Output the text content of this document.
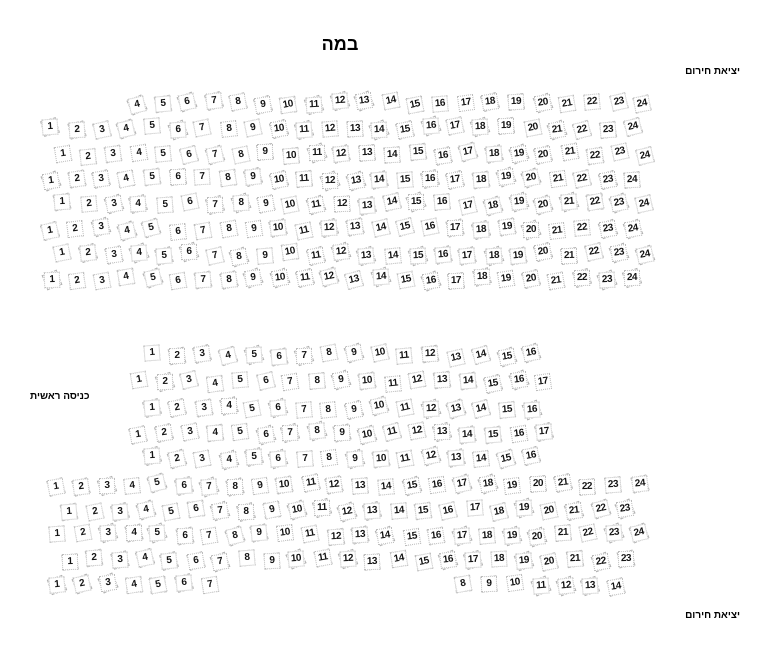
במה
יציאת חירום
כניסה ראשית
יציאת חירום
4 5 6 7 8 9 10 11 12 13 14 15 16 17 18 19 20 21 22 23 24
1 2 3 4 5 6 7 8 9 10 11 12 13 14 15 16 17 18 19 20 21 22 23 24
1 2 3 4 5 6 7 8 9 10 11 12 13 14 15 16 17 18 19 20 21 22 23 24
1 2 3 4 5 6 7 8 9 10 11 12 13 14 15 16 17 18 19 20 21 22 23 24
1 2 3 4 5 6 7 8 9 10 11 12 13 14 15 16 17 18 19 20 21 22 23 24
1 2 3 4 5 6 7 8 9 10 11 12 13 14 15 16 17 18 19 20 21 22 23 24
1 2 3 4 5 6 7 8 9 10 11 12 13 14 15 16 17 18 19 20 21 22 23 24
1 2 3 4 5 6 7 8 9 10 11 12 13 14 15 16 17 18 19 20 21 22 23 24
1 2 3 4 5 6 7 8 9 10 11 12 13 14 15 16
1 2 3 4 5 6 7 8 9 10 11 12 13 14 15 16 17
1 2 3 4 5 6 7 8 9 10 11 12 13 14 15 16
1 2 3 4 5 6 7 8 9 10 11 12 13 14 15 16 17
1 2 3 4 5 6 7 8 9 10 11 12 13 14 15 16
1 2 3 4 5 6 7 8 9 10 11 12 13 14 15 16 17 18 19 20 21 22 23 24
1 2 3 4 5 6 7 8 9 10 11 12 13 14 15 16 17 18 19 20 21 22 23
1 2 3 4 5 6 7 8 9 10 11 12 13 14 15 16 17 18 19 20 21 22 23 24
1 2 3 4 5 6 7 8 9 10 11 12 13 14 15 16 17 18 19 20 21 22 23
1 2 3 4 5 6 7	8 9 10 11 12 13 14
